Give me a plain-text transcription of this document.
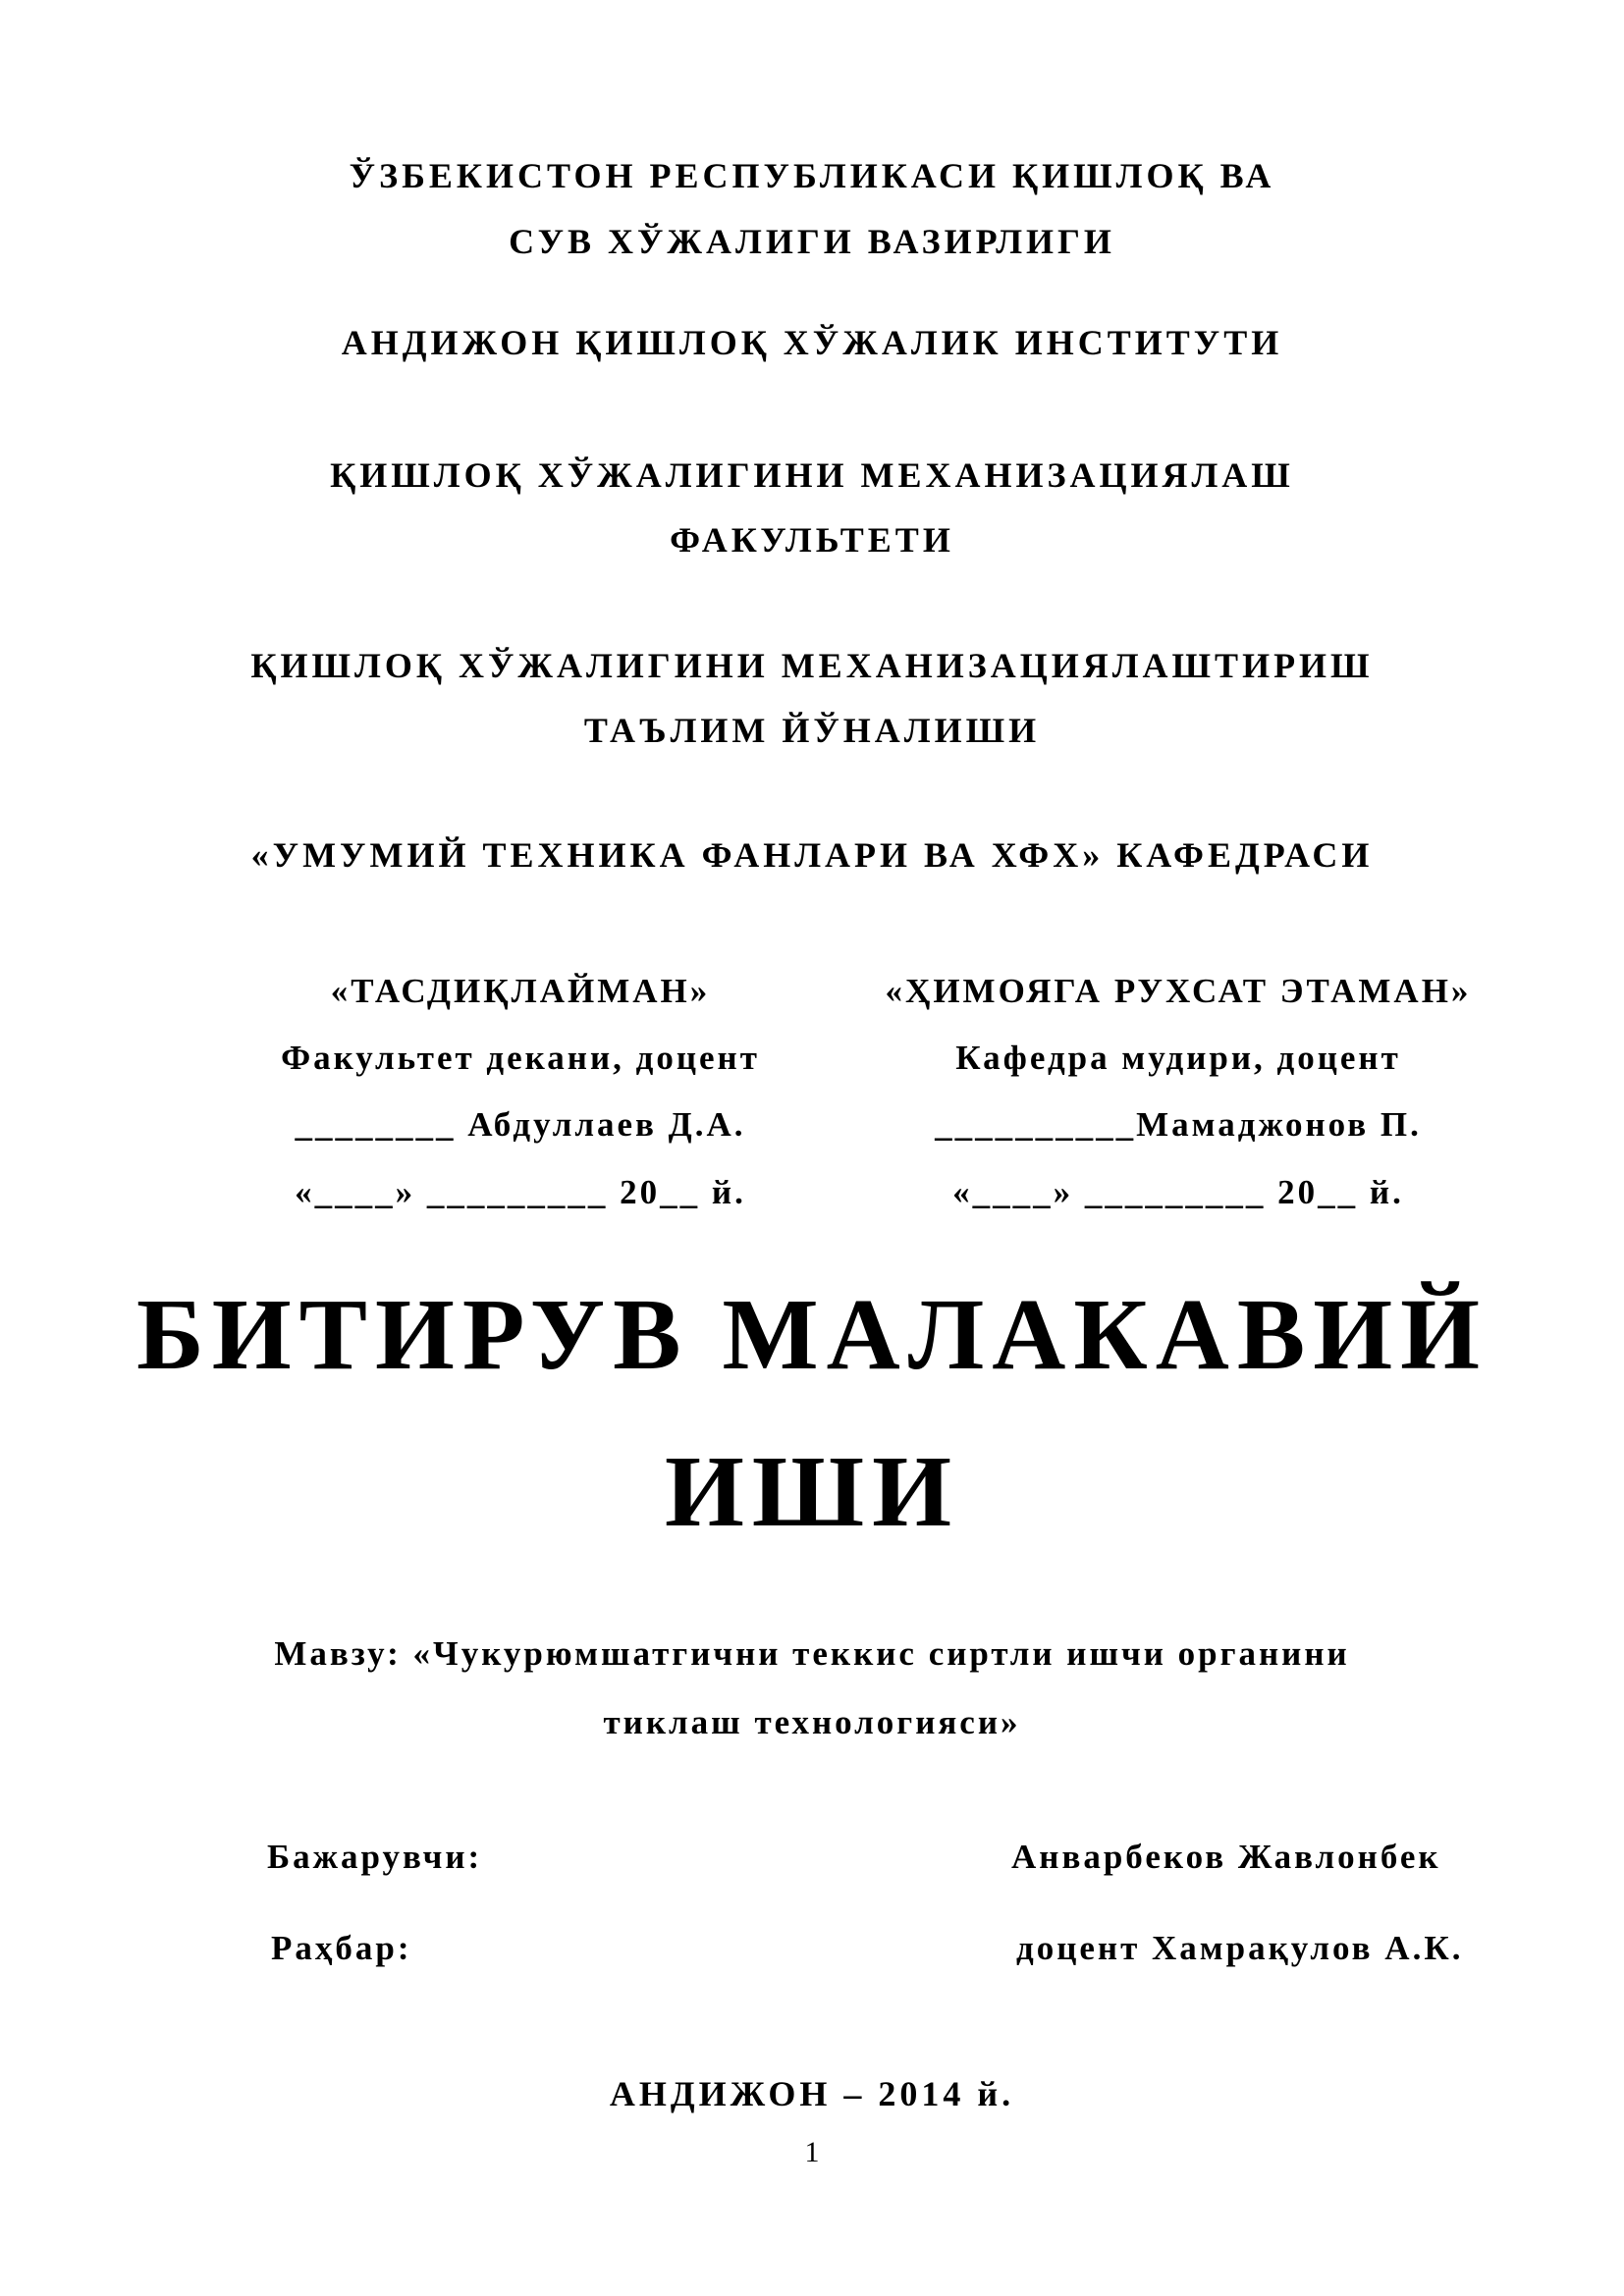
ЎЗБЕКИСТОН РЕСПУБЛИКАСИ ҚИШЛОҚ ВА
СУВ ХЎЖАЛИГИ ВАЗИРЛИГИ
АНДИЖОН ҚИШЛОҚ ХЎЖАЛИК ИНСТИТУТИ
ҚИШЛОҚ ХЎЖАЛИГИНИ МЕХАНИЗАЦИЯЛАШ
ФАКУЛЬТЕТИ
ҚИШЛОҚ ХЎЖАЛИГИНИ МЕХАНИЗАЦИЯЛАШТИРИШ
ТАЪЛИМ ЙЎНАЛИШИ
«УМУМИЙ ТЕХНИКА ФАНЛАРИ ВА ХФХ» КАФЕДРАСИ
«ТАСДИҚЛАЙМАН»
Факультет декани, доцент
________ Абдуллаев Д.А.
«____» _________ 20__ й.
«ҲИМОЯГА РУХСАТ ЭТАМАН»
Кафедра мудири, доцент
__________Мамаджонов П.
«____» _________ 20__ й.
БИТИРУВ МАЛАКАВИЙ
ИШИ
Мавзу: «Чукурюмшатгични теккис сиртли ишчи органини
тиклаш технологияси»
Бажарувчи:	Анварбеков Жавлонбек
Раҳбар:	доцент Хамрақулов А.К.
АНДИЖОН – 2014 й.
1
